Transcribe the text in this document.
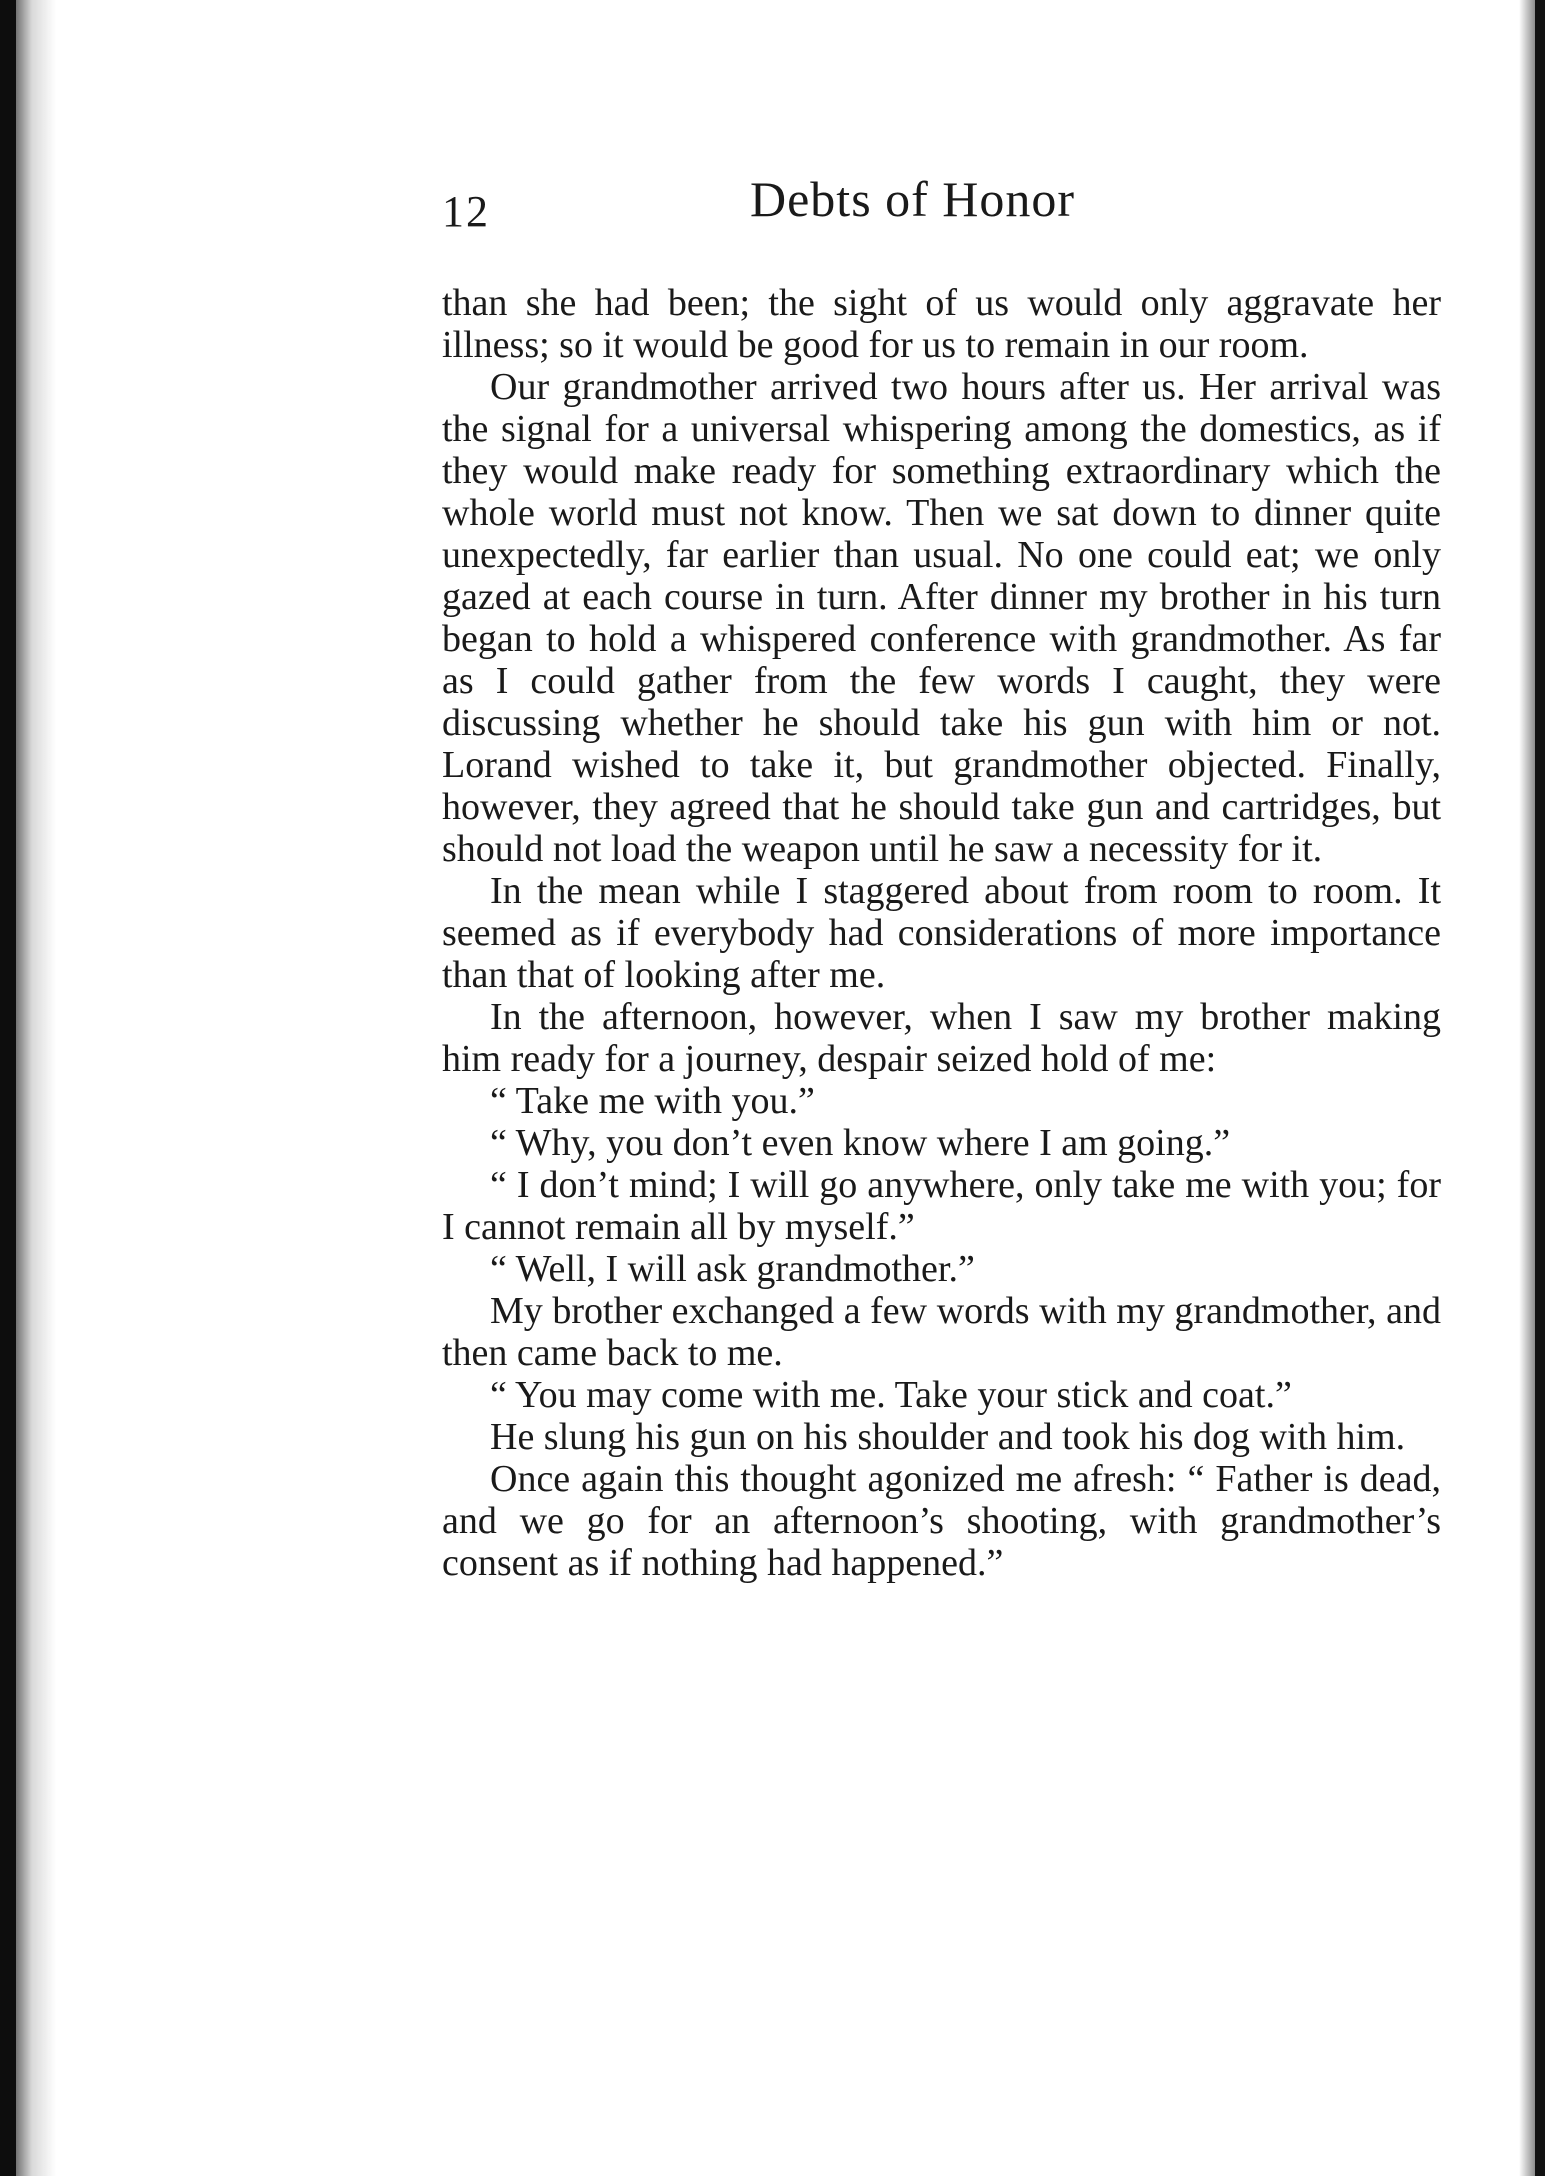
12	Debts of Honor

than she had been; the sight of us would only aggravate her illness; so it would be good for us to remain in our room.

Our grandmother arrived two hours after us. Her arrival was the signal for a universal whispering among the domestics, as if they would make ready for something extraordinary which the whole world must not know. Then we sat down to dinner quite unexpectedly, far earlier than usual. No one could eat; we only gazed at each course in turn. After dinner my brother in his turn began to hold a whispered conference with grandmother. As far as I could gather from the few words I caught, they were discussing whether he should take his gun with him or not. Lorand wished to take it, but grandmother objected. Finally, however, they agreed that he should take gun and cartridges, but should not load the weapon until he saw a necessity for it.

In the mean while I staggered about from room to room. It seemed as if everybody had considerations of more importance than that of looking after me.

In the afternoon, however, when I saw my brother making him ready for a journey, despair seized hold of me:

“ Take me with you.”

“ Why, you don’t even know where I am going.”

“ I don’t mind; I will go anywhere, only take me with you; for I cannot remain all by myself.”

“ Well, I will ask grandmother.”

My brother exchanged a few words with my grandmother, and then came back to me.

“ You may come with me. Take your stick and coat.”

He slung his gun on his shoulder and took his dog with him.

Once again this thought agonized me afresh: “ Father is dead, and we go for an afternoon’s shooting, with grandmother’s consent as if nothing had happened.”
